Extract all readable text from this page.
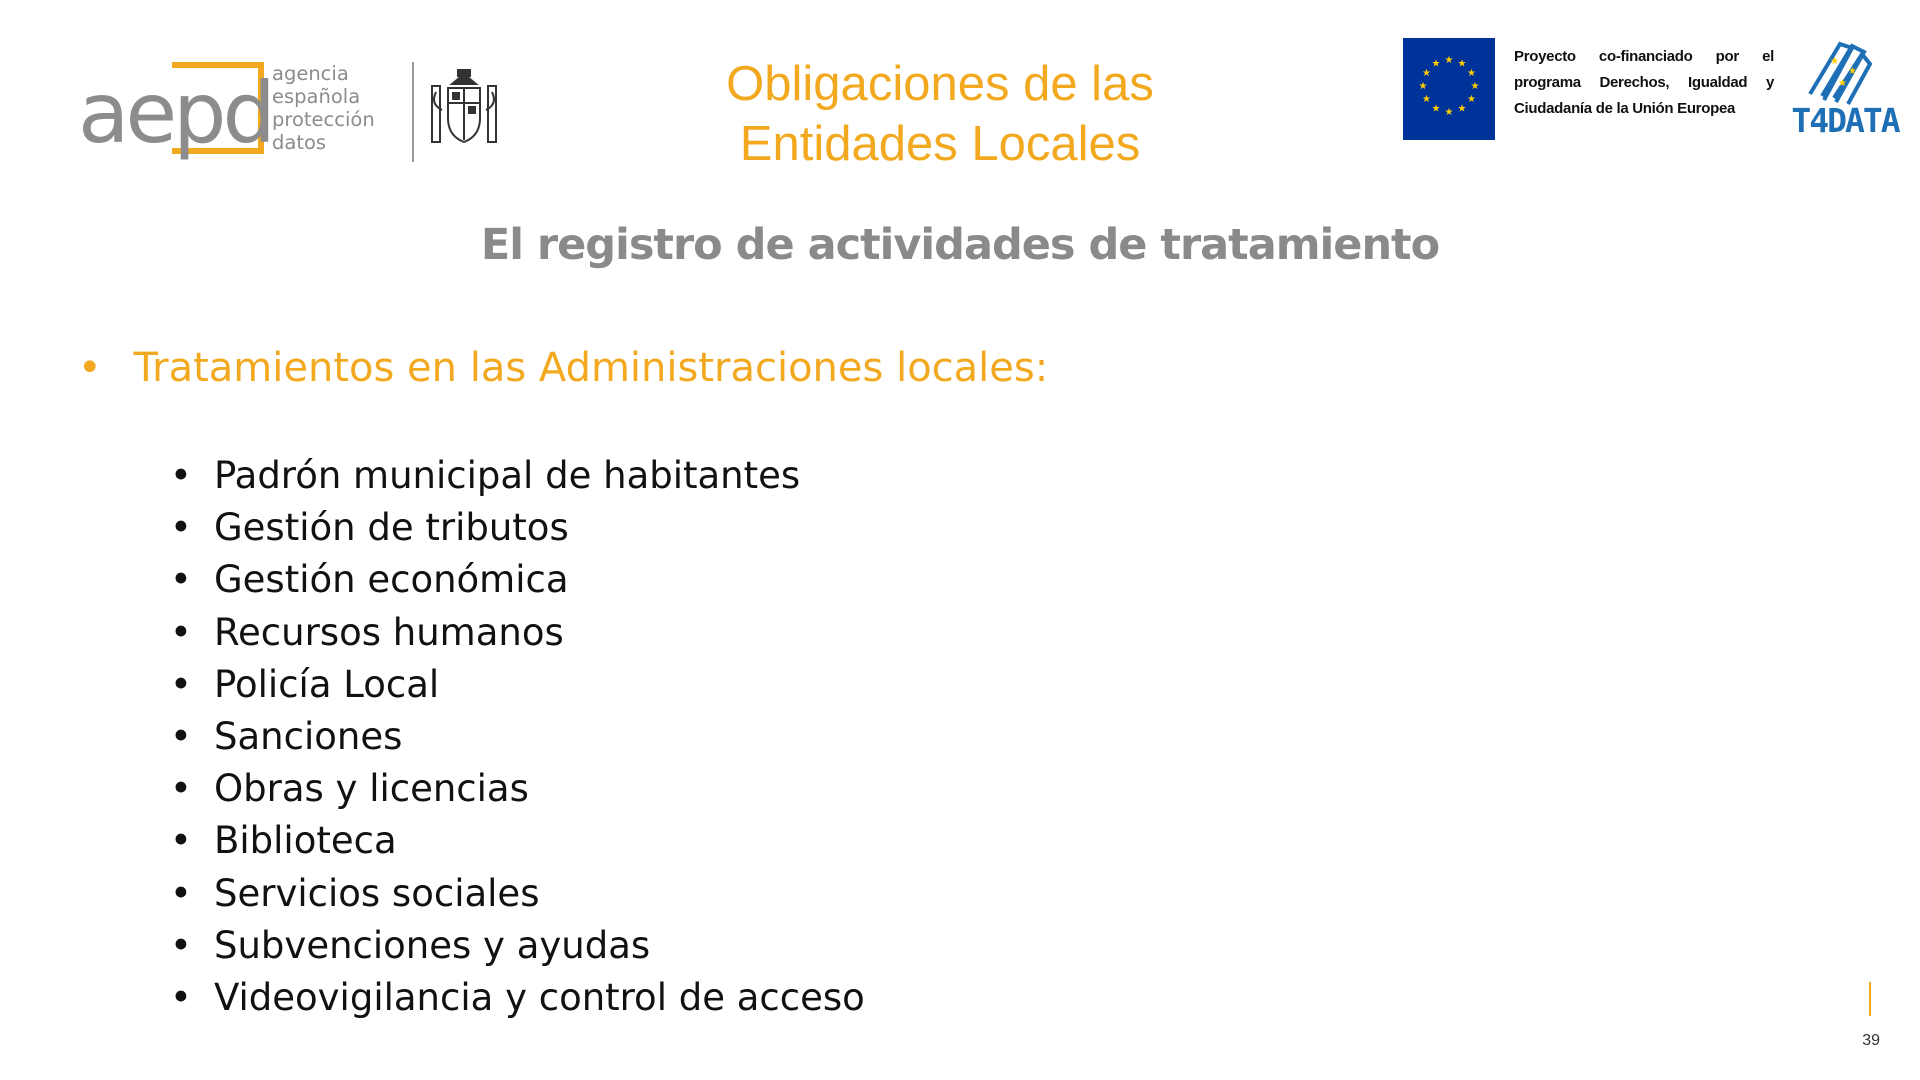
aepd agencia
española
protección
datos
Obligaciones de las
Entidades Locales
★ ★
★
★
★
★
★
★
★
★
★
★	Proyecto co-financiado por el programa Derechos, Igualdad y Ciudadanía de la Unión Europea
★
★
★
T4DATA
El registro de actividades de tratamiento
• Tratamientos en las Administraciones locales:
• Padrón municipal de habitantes
• Gestión de tributos
• Gestión económica
• Recursos humanos
• Policía Local
• Sanciones
• Obras y licencias
• Biblioteca
• Servicios sociales
• Subvenciones y ayudas
• Videovigilancia y control de acceso
39
